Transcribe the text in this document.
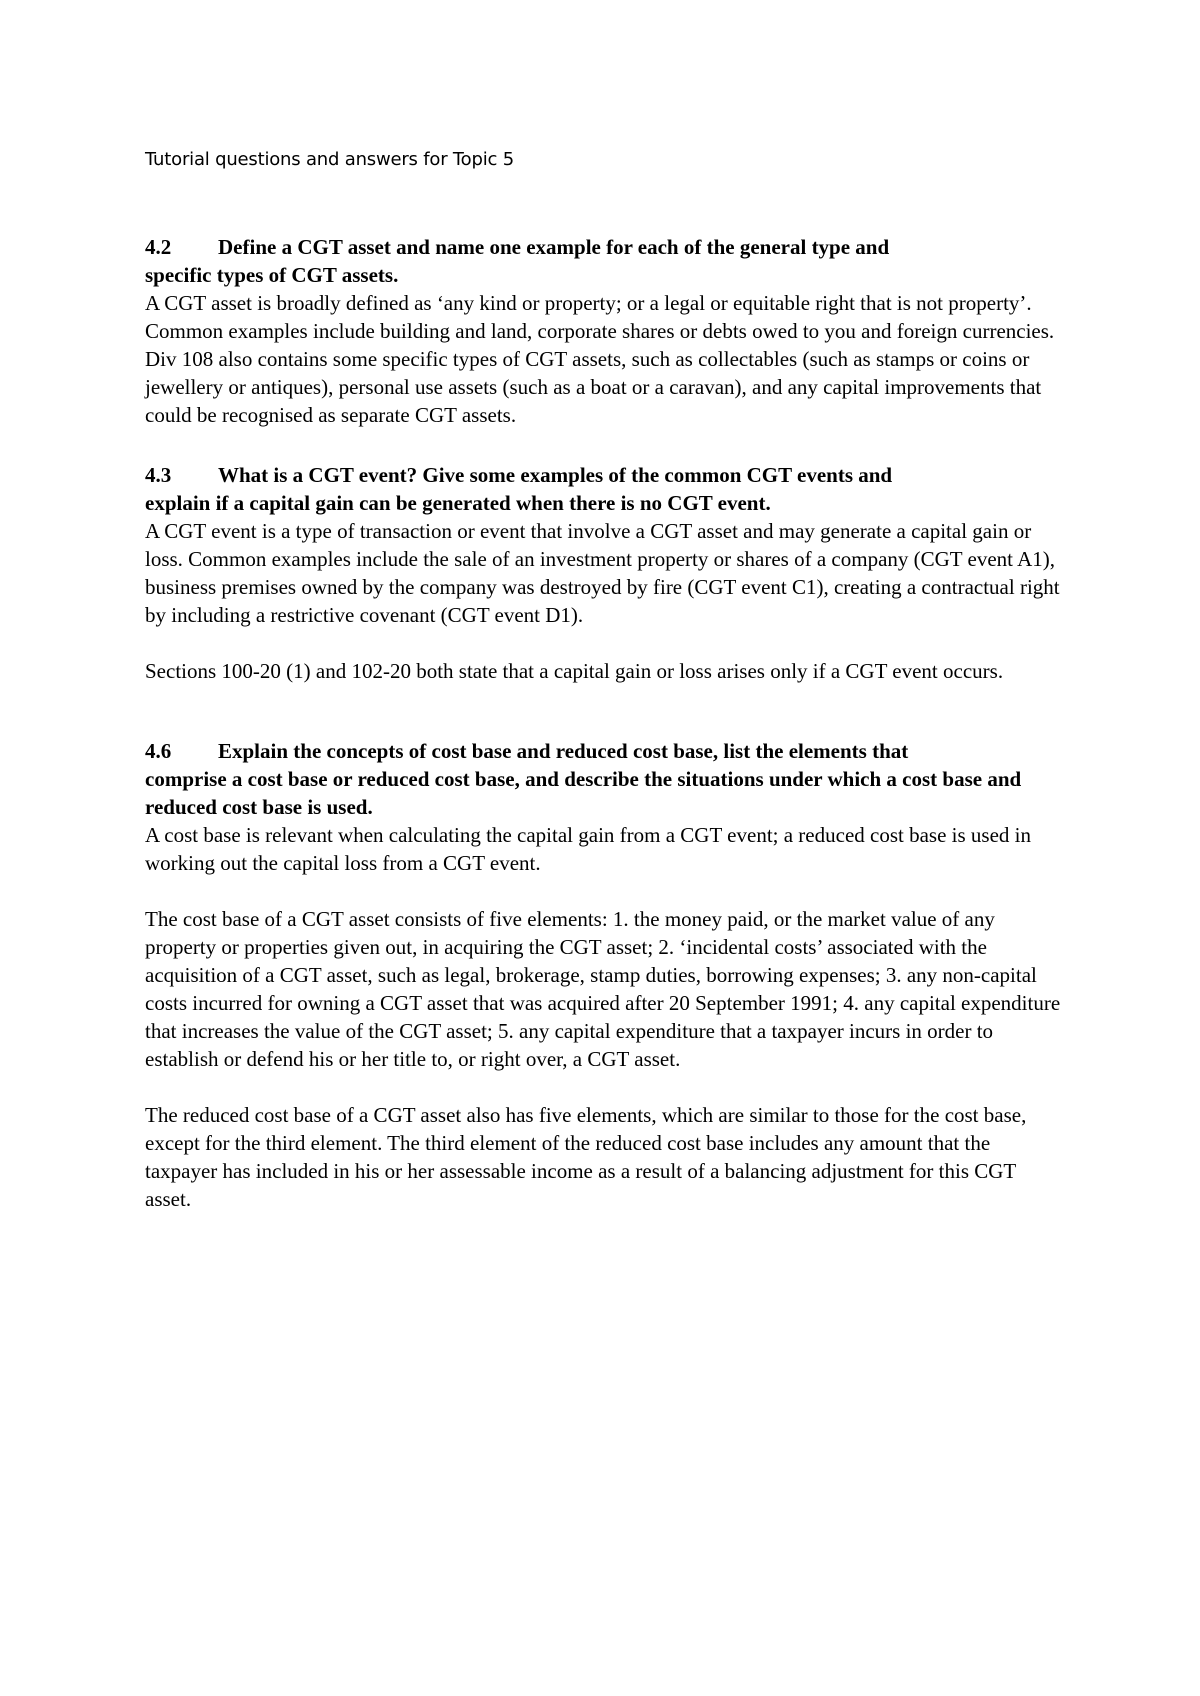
Tutorial questions and answers for Topic 5
4.2	Define a CGT asset and name one example for each of the general type and

specific types of CGT assets.

A CGT asset is broadly defined as ‘any kind or property; or a legal or equitable right that is not property’. Common examples include building and land, corporate shares or debts owed to you and foreign currencies. Div 108 also contains some specific types of CGT assets, such as collectables (such as stamps or coins or jewellery or antiques), personal use assets (such as a boat or a caravan), and any capital improvements that could be recognised as separate CGT assets.

4.3	What is a CGT event? Give some examples of the common CGT events and

explain if a capital gain can be generated when there is no CGT event.

A CGT event is a type of transaction or event that involve a CGT asset and may generate a capital gain or loss. Common examples include the sale of an investment property or shares of a company (CGT event A1), business premises owned by the company was destroyed by fire (CGT event C1), creating a contractual right by including a restrictive covenant (CGT event D1).

Sections 100-20 (1) and 102-20 both state that a capital gain or loss arises only if a CGT event occurs.

4.6	Explain the concepts of cost base and reduced cost base, list the elements that

comprise a cost base or reduced cost base, and describe the situations under which a cost base and reduced cost base is used.

A cost base is relevant when calculating the capital gain from a CGT event; a reduced cost base is used in working out the capital loss from a CGT event.

The cost base of a CGT asset consists of five elements: 1. the money paid, or the market value of any property or properties given out, in acquiring the CGT asset; 2. ‘incidental costs’ associated with the acquisition of a CGT asset, such as legal, brokerage, stamp duties, borrowing expenses; 3. any non-capital costs incurred for owning a CGT asset that was acquired after 20 September 1991; 4. any capital expenditure that increases the value of the CGT asset; 5. any capital expenditure that a taxpayer incurs in order to establish or defend his or her title to, or right over, a CGT asset.

The reduced cost base of a CGT asset also has five elements, which are similar to those for the cost base, except for the third element. The third element of the reduced cost base includes any amount that the taxpayer has included in his or her assessable income as a result of a balancing adjustment for this CGT asset.
